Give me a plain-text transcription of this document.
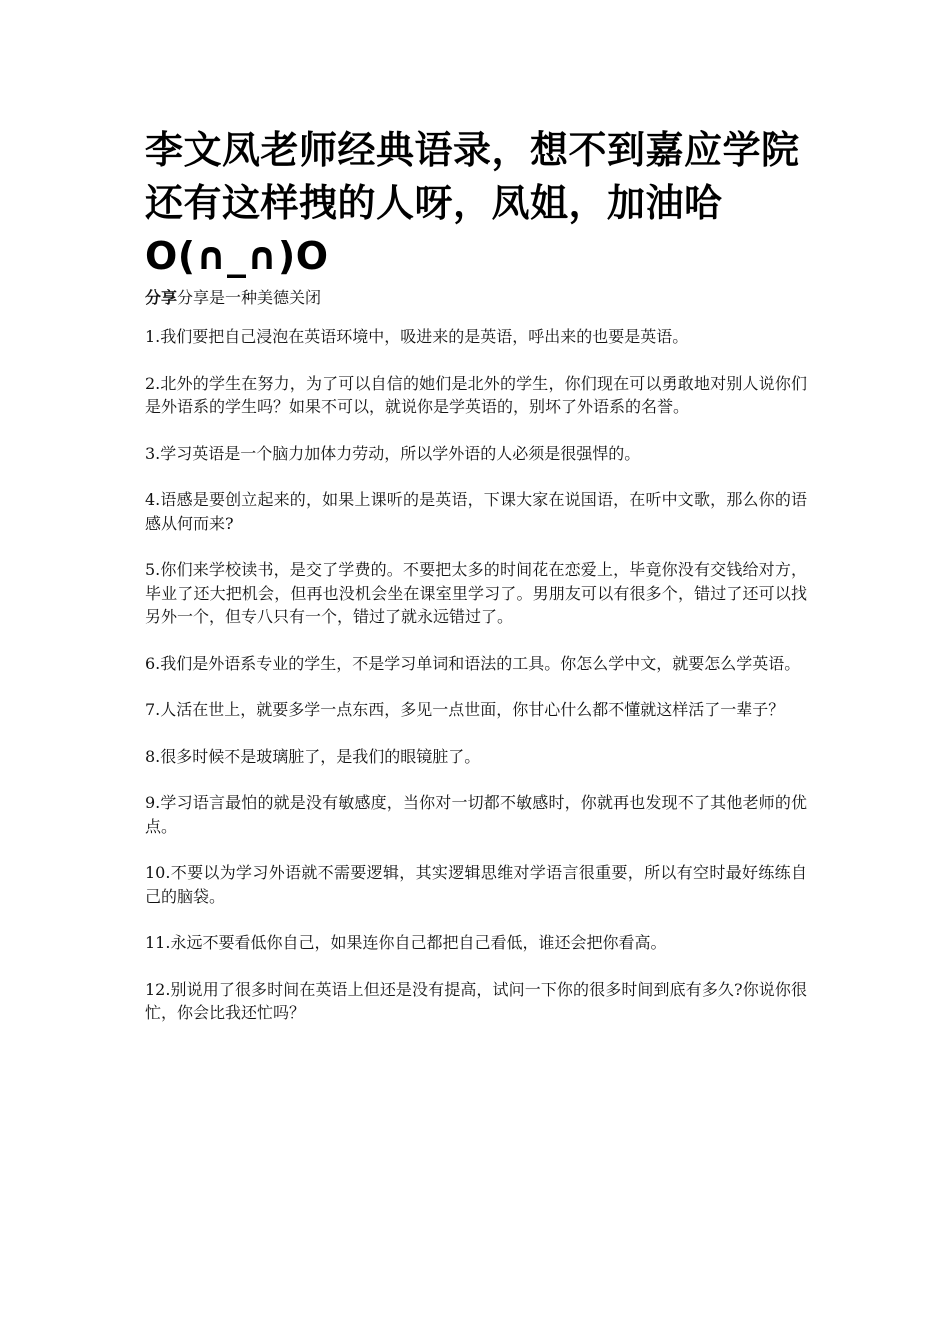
李文凤老师经典语录，想不到嘉应学院还有这样拽的人呀，凤姐，加油哈O(∩_∩)O
分享分享是一种美德关闭

1.我们要把自己浸泡在英语环境中，吸进来的是英语，呼出来的也要是英语。

2.北外的学生在努力，为了可以自信的她们是北外的学生，你们现在可以勇敢地对别人说你们是外语系的学生吗？如果不可以，就说你是学英语的，别坏了外语系的名誉。

3.学习英语是一个脑力加体力劳动，所以学外语的人必须是很强悍的。

4.语感是要创立起来的，如果上课听的是英语，下课大家在说国语，在听中文歌，那么你的语感从何而来?

5.你们来学校读书，是交了学费的。不要把太多的时间花在恋爱上，毕竟你没有交钱给对方，毕业了还大把机会，但再也没机会坐在课室里学习了。男朋友可以有很多个，错过了还可以找另外一个，但专八只有一个，错过了就永远错过了。

6.我们是外语系专业的学生，不是学习单词和语法的工具。你怎么学中文，就要怎么学英语。

7.人活在世上，就要多学一点东西，多见一点世面，你甘心什么都不懂就这样活了一辈子？

8.很多时候不是玻璃脏了，是我们的眼镜脏了。

9.学习语言最怕的就是没有敏感度，当你对一切都不敏感时，你就再也发现不了其他老师的优点。

10.不要以为学习外语就不需要逻辑，其实逻辑思维对学语言很重要，所以有空时最好练练自己的脑袋。

11.永远不要看低你自己，如果连你自己都把自己看低，谁还会把你看高。

12.别说用了很多时间在英语上但还是没有提高，试问一下你的很多时间到底有多久?你说你很忙，你会比我还忙吗？
